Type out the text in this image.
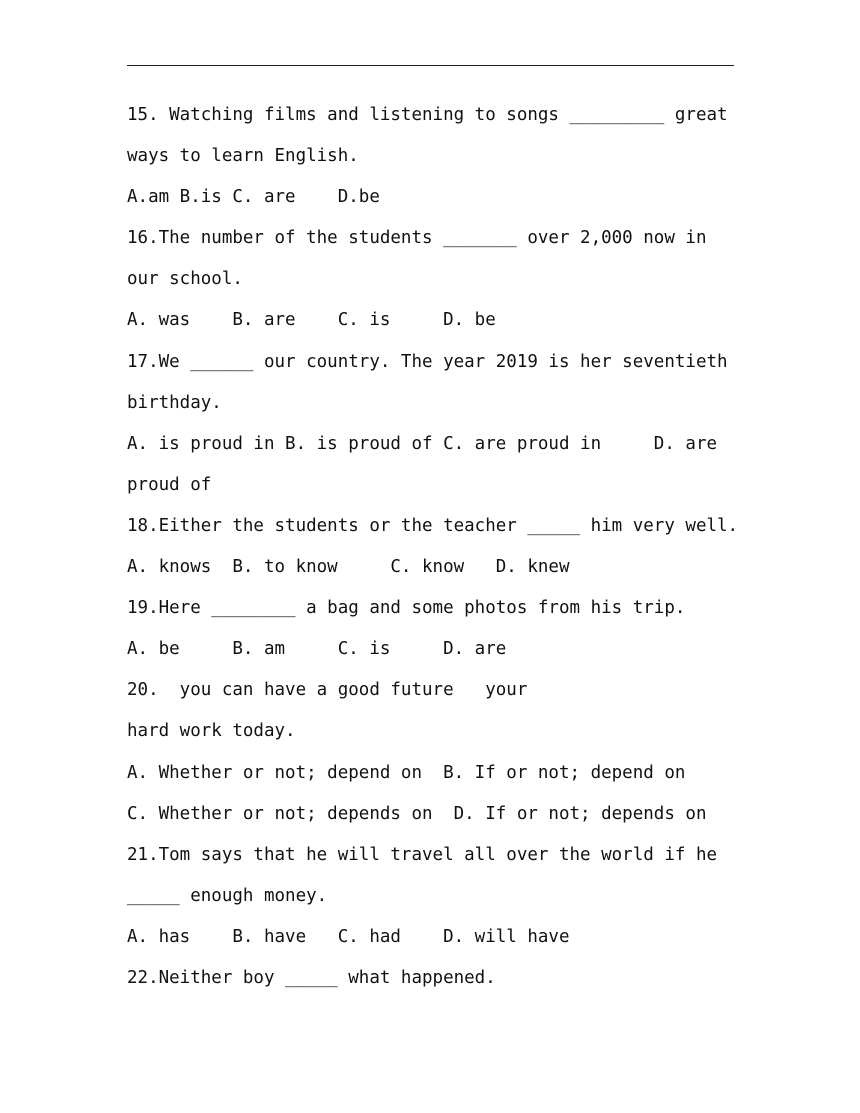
15. Watching films and listening to songs _________ great
ways to learn English.
A.am B.is C. are    D.be
16.The number of the students _______ over 2,000 now in
our school.
A. was    B. are    C. is     D. be
17.We ______ our country. The year 2019 is her seventieth
birthday.
A. is proud in B. is proud of C. are proud in     D. are
proud of
18.Either the students or the teacher _____ him very well.
A. knows  B. to know     C. know   D. knew
19.Here ________ a bag and some photos from his trip.
A. be     B. am     C. is     D. are
20.  you can have a good future   your
hard work today.
A. Whether or not; depend on  B. If or not; depend on
C. Whether or not; depends on  D. If or not; depends on
21.Tom says that he will travel all over the world if he
_____ enough money.
A. has    B. have   C. had    D. will have
22.Neither boy _____ what happened.
